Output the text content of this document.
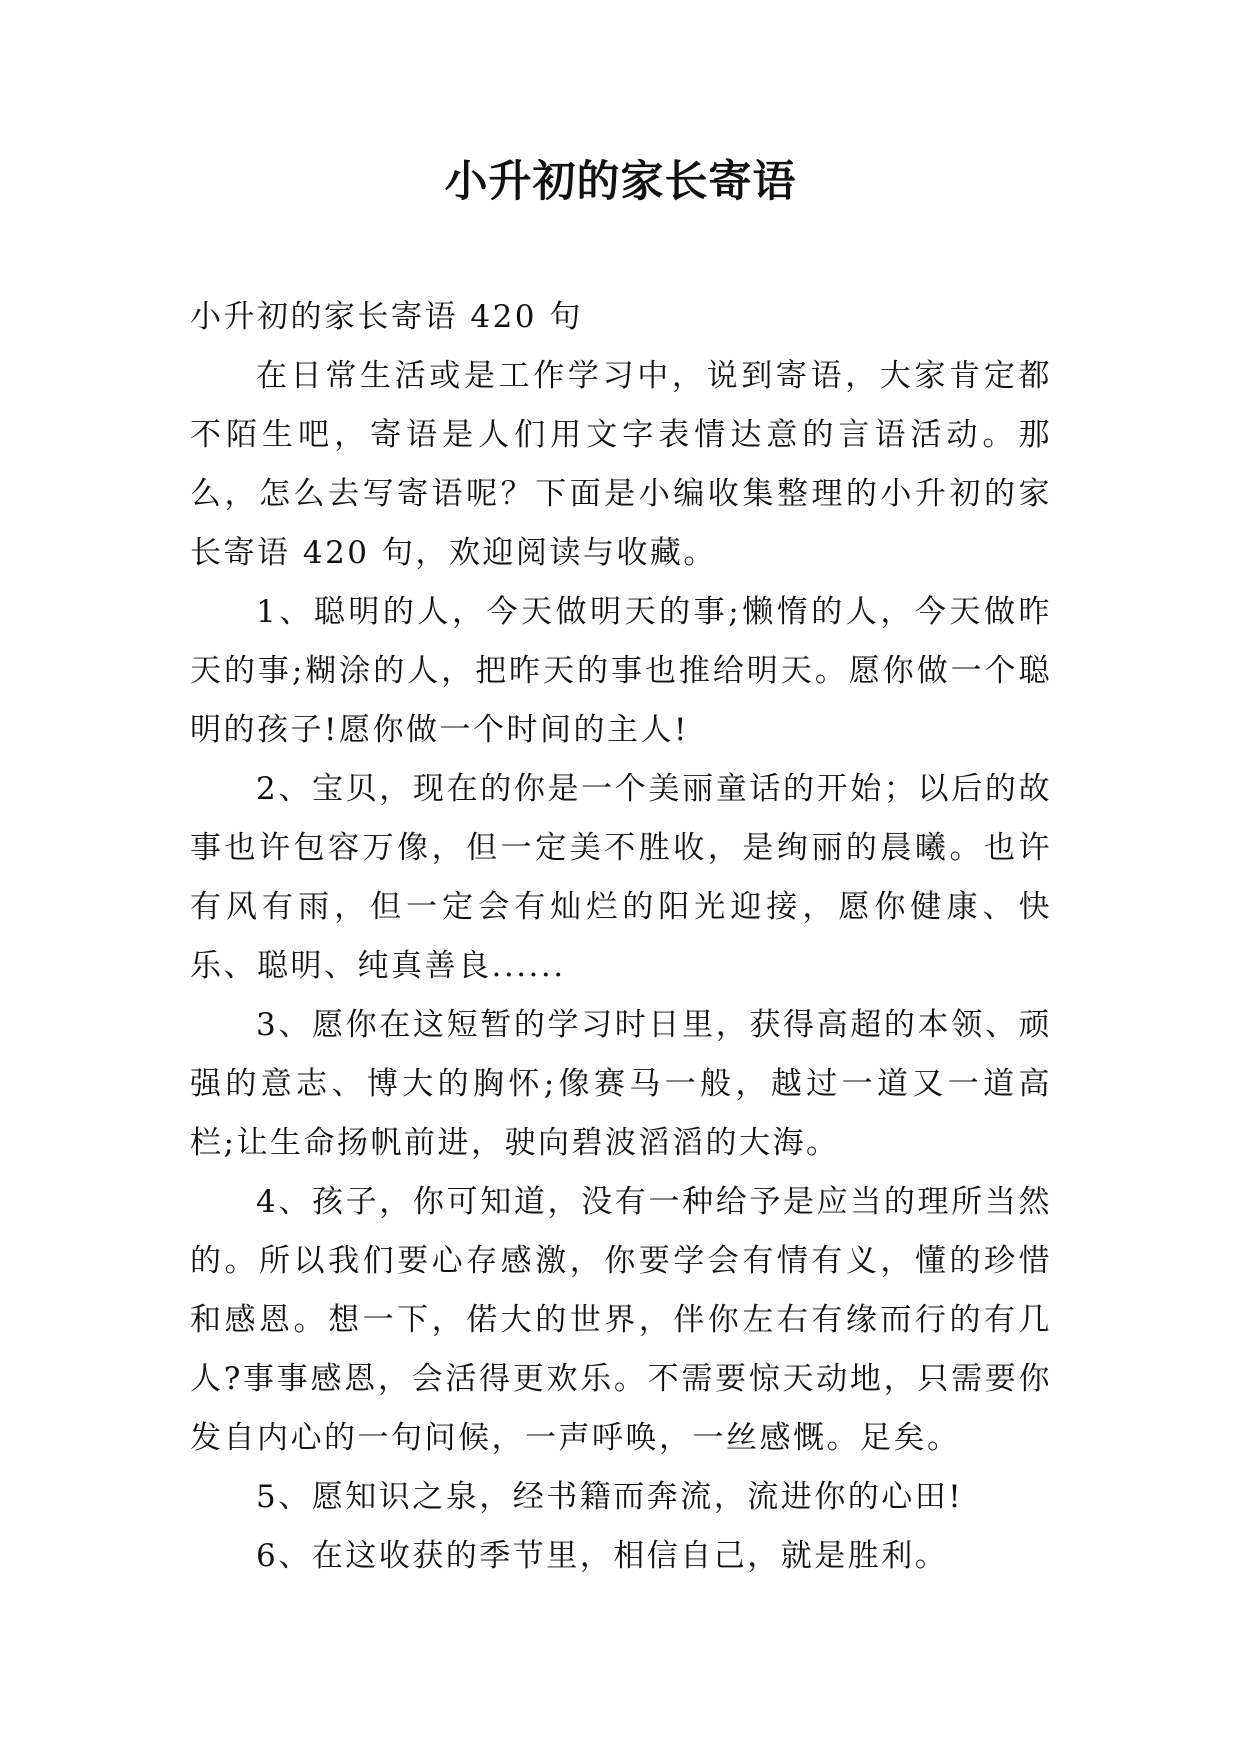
小升初的家长寄语

小升初的家长寄语 420 句

在日常生活或是工作学习中，说到寄语，大家肯定都不陌生吧，寄语是人们用文字表情达意的言语活动。那么，怎么去写寄语呢？下面是小编收集整理的小升初的家长寄语 420 句，欢迎阅读与收藏。

1、聪明的人，今天做明天的事;懒惰的人，今天做昨天的事;糊涂的人，把昨天的事也推给明天。愿你做一个聪明的孩子!愿你做一个时间的主人!

2、宝贝，现在的你是一个美丽童话的开始；以后的故事也许包容万像，但一定美不胜收，是绚丽的晨曦。也许有风有雨，但一定会有灿烂的阳光迎接，愿你健康、快乐、聪明、纯真善良......

3、愿你在这短暂的学习时日里，获得高超的本领、顽强的意志、博大的胸怀;像赛马一般，越过一道又一道高栏;让生命扬帆前进，驶向碧波滔滔的大海。

4、孩子，你可知道，没有一种给予是应当的理所当然的。所以我们要心存感激，你要学会有情有义，懂的珍惜和感恩。想一下，偌大的世界，伴你左右有缘而行的有几人?事事感恩，会活得更欢乐。不需要惊天动地，只需要你发自内心的一句问候，一声呼唤，一丝感慨。足矣。

5、愿知识之泉，经书籍而奔流，流进你的心田!

6、在这收获的季节里，相信自己，就是胜利。
